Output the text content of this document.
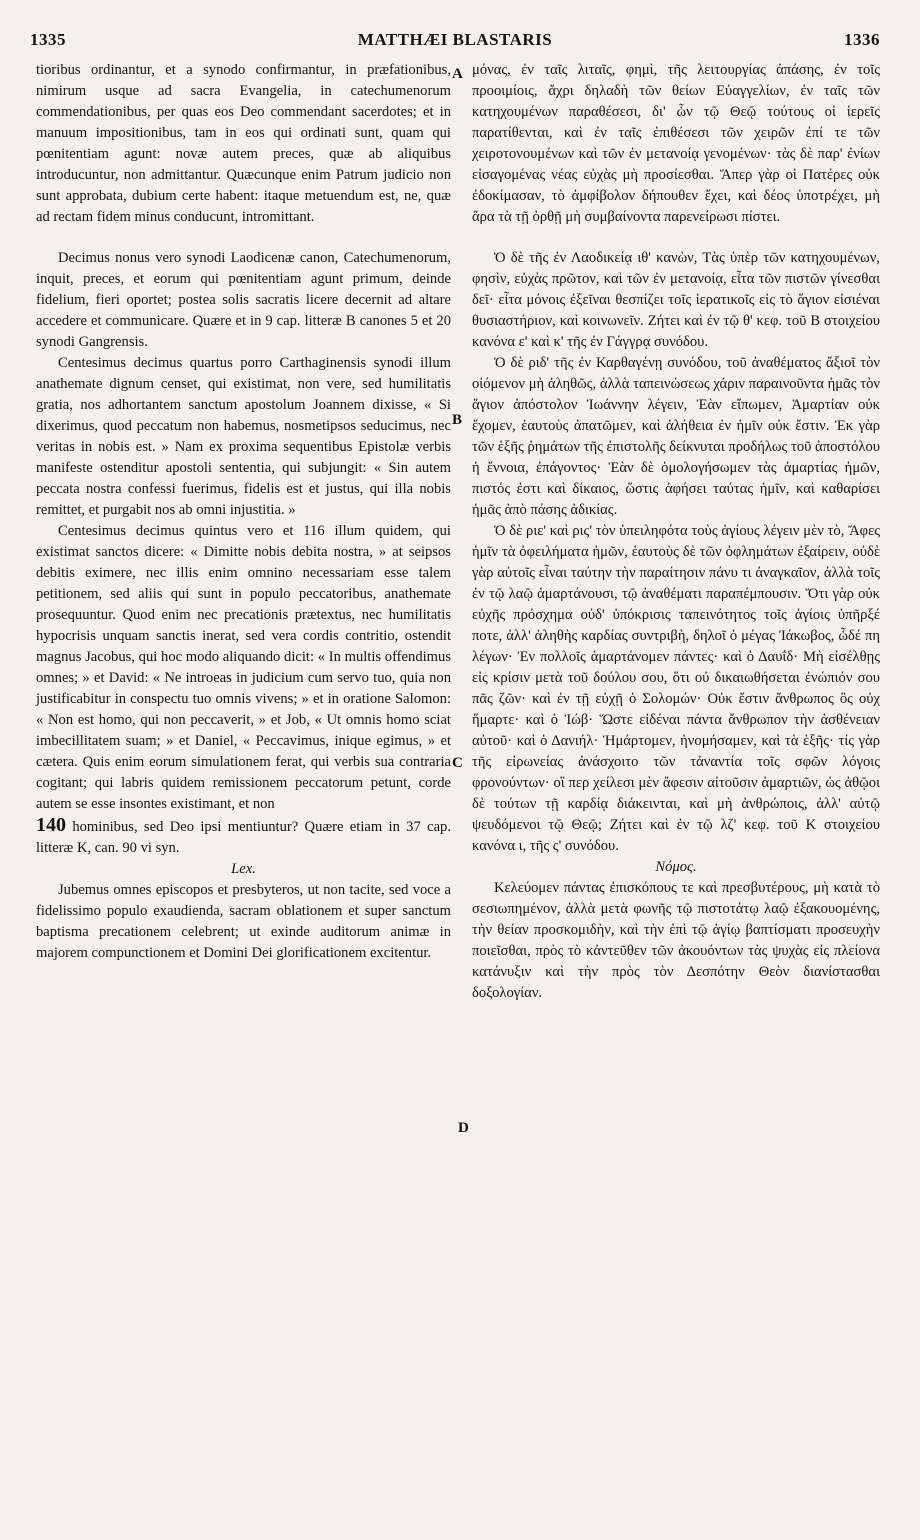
1335	MATTHÆI BLASTARIS	1336
A
B
C
D

tioribus ordinantur, et a synodo confirmantur, in præfationibus, nimirum usque ad sacra Evangelia, in catechumenorum commendationibus, per quas eos Deo commendant sacerdotes; et in manuum impositionibus, tam in eos qui ordinati sunt, quam qui pœnitentiam agunt: novæ autem preces, quæ ab aliquibus introducuntur, non admittantur. Quæcunque enim Patrum judicio non sunt approbata, dubium certe habent: itaque metuendum est, ne, quæ ad rectam fidem minus conducunt, intromittant.

Decimus nonus vero synodi Laodicenæ canon, Catechumenorum, inquit, preces, et eorum qui pœnitentiam agunt primum, deinde fidelium, fieri oportet; postea solis sacratis licere decernit ad altare accedere et communicare. Quære et in 9 cap. litteræ B canones 5 et 20 synodi Gangrensis.

Centesimus decimus quartus porro Carthaginensis synodi illum anathemate dignum censet, qui existimat, non vere, sed humilitatis gratia, nos adhortantem sanctum apostolum Joannem dixisse, « Si dixerimus, quod peccatum non habemus, nosmetipsos seducimus, nec veritas in nobis est. » Nam ex proxima sequentibus Epistolæ verbis manifeste ostenditur apostoli sententia, qui subjungit: « Sin autem peccata nostra confessi fuerimus, fidelis est et justus, qui illa nobis remittet, et purgabit nos ab omni injustitia. »

Centesimus decimus quintus vero et 116 illum quidem, qui existimat sanctos dicere: « Dimitte nobis debita nostra, » at seipsos debitis eximere, nec illis enim omnino necessariam esse talem petitionem, sed aliis qui sunt in populo peccatoribus, anathemate prosequuntur. Quod enim nec precationis prætextus, nec humilitatis hypocrisis unquam sanctis inerat, sed vera cordis contritio, ostendit magnus Jacobus, qui hoc modo aliquando dicit: « In multis offendimus omnes; » et David: « Ne introeas in judicium cum servo tuo, quia non justificabitur in conspectu tuo omnis vivens; » et in oratione Salomon: « Non est homo, qui non peccaverit, » et Job, « Ut omnis homo sciat imbecillitatem suam; » et Daniel, « Peccavimus, inique egimus, » et cætera. Quis enim eorum simulationem ferat, qui verbis sua contraria cogitant; qui labris quidem remissionem peccatorum petunt, corde autem se esse insontes existimant, et non

140 hominibus, sed Deo ipsi mentiuntur? Quære etiam in 37 cap. litteræ K, can. 90 vi syn.

Lex.

Jubemus omnes episcopos et presbyteros, ut non tacite, sed voce a fidelissimo populo exaudienda, sacram oblationem et super sanctum baptisma precationem celebrent; ut exinde auditorum animæ in majorem compunctionem et Domini Dei glorificationem excitentur.

μόνας, ἐν ταῖς λιταῖς, φημὶ, τῆς λειτουργίας ἀπάσης, ἐν τοῖς προοιμίοις, ἄχρι δηλαδὴ τῶν θείων Εὐαγγελίων, ἐν ταῖς τῶν κατηχουμένων παραθέσεσι, δι' ὧν τῷ Θεῷ τούτους οἱ ἱερεῖς παρατίθενται, καὶ ἐν ταῖς ἐπιθέσεσι τῶν χειρῶν ἐπί τε τῶν χειροτονουμένων καὶ τῶν ἐν μετανοίᾳ γενομένων· τὰς δὲ παρ' ἐνίων εἰσαγομένας νέας εὐχὰς μὴ προσίεσθαι. Ἅπερ γὰρ οἱ Πατέρες οὐκ ἐδοκίμασαν, τὸ ἀμφίβολον δήπουθεν ἔχει, καὶ δέος ὑποτρέχει, μὴ ἄρα τὰ τῇ ὀρθῇ μὴ συμβαίνοντα παρενείρωσι πίστει.

Ὁ δὲ τῆς ἐν Λαοδικείᾳ ιθ' κανὼν, Τὰς ὑπὲρ τῶν κατηχουμένων, φησὶν, εὐχὰς πρῶτον, καὶ τῶν ἐν μετανοίᾳ, εἶτα τῶν πιστῶν γίνεσθαι δεῖ· εἶτα μόνοις ἐξεῖναι θεσπίζει τοῖς ἱερατικοῖς εἰς τὸ ἅγιον εἰσιέναι θυσιαστήριον, καὶ κοινωνεῖν. Ζήτει καὶ ἐν τῷ θ' κεφ. τοῦ Β στοιχείου κανόνα ε' καὶ κ' τῆς ἐν Γάγγρᾳ συνόδου.

Ὁ δὲ ριδ' τῆς ἐν Καρθαγένῃ συνόδου, τοῦ ἀναθέματος ἄξιοῖ τὸν οἰόμενον μὴ ἀληθῶς, ἀλλὰ ταπεινώσεως χάριν παραινοῦντα ἡμᾶς τὸν ἅγιον ἀπόστολον Ἰωάννην λέγειν, Ἐὰν εἴπωμεν, Ἁμαρτίαν οὐκ ἔχομεν, ἑαυτοὺς ἀπατῶμεν, καὶ ἀλήθεια ἐν ἡμῖν οὐκ ἔστιν. Ἐκ γὰρ τῶν ἑξῆς ῥημάτων τῆς ἐπιστολῆς δείκνυται προδήλως τοῦ ἀποστόλου ἡ ἔννοια, ἐπάγοντος· Ἐὰν δὲ ὁμολογήσωμεν τὰς ἁμαρτίας ἡμῶν, πιστός ἐστι καὶ δίκαιος, ὥστις ἀφήσει ταύτας ἡμῖν, καὶ καθαρίσει ἡμᾶς ἀπὸ πάσης ἀδικίας.

Ὁ δὲ ριε' καὶ ρις' τὸν ὑπειληφότα τοὺς ἁγίους λέγειν μὲν τὸ, Ἄφες ἡμῖν τὰ ὀφειλήματα ἡμῶν, ἑαυτοὺς δὲ τῶν ὀφλημάτων ἐξαίρειν, οὐδὲ γὰρ αὐτοῖς εἶναι ταύτην τὴν παραίτησιν πάνυ τι ἀναγκαῖον, ἀλλὰ τοῖς ἐν τῷ λαῷ ἁμαρτάνουσι, τῷ ἀναθέματι παραπέμπουσιν. Ὅτι γὰρ οὐκ εὐχῆς πρόσχημα οὐδ' ὑπόκρισις ταπεινότητος τοῖς ἁγίοις ὑπῆρξέ ποτε, ἀλλ' ἀληθὴς καρδίας συντριβὴ, δηλοῖ ὁ μέγας Ἰάκωβος, ὧδέ πη λέγων· Ἐν πολλοῖς ἁμαρτάνομεν πάντες· καὶ ὁ Δαυΐδ· Μὴ εἰσέλθῃς εἰς κρίσιν μετὰ τοῦ δούλου σου, ὅτι οὐ δικαιωθήσεται ἐνώπιόν σου πᾶς ζῶν· καὶ ἐν τῇ εὐχῇ ὁ Σολομών· Οὐκ ἔστιν ἄνθρωπος ὃς οὐχ ἥμαρτε· καὶ ὁ Ἰώβ· Ὥστε εἰδέναι πάντα ἄνθρωπον τὴν ἀσθένειαν αὐτοῦ· καὶ ὁ Δανιήλ· Ἡμάρτομεν, ἠνομήσαμεν, καὶ τὰ ἑξῆς· τίς γὰρ τῆς εἰρωνείας ἀνάσχοιτο τῶν τἀναντία τοῖς σφῶν λόγοις φρονούντων· οἳ περ χείλεσι μὲν ἄφεσιν αἰτοῦσιν ἁμαρτιῶν, ὡς ἀθῷοι δὲ τούτων τῇ καρδίᾳ διάκεινται, καὶ μὴ ἀνθρώποις, ἀλλ' αὐτῷ ψευδόμενοι τῷ Θεῷ; Ζήτει καὶ ἐν τῷ λζ' κεφ. τοῦ Κ στοιχείου κανόνα ι, τῆς ς' συνόδου.

Νόμος.

Κελεύομεν πάντας ἐπισκόπους τε καὶ πρεσβυτέρους, μὴ κατὰ τὸ σεσιωπημένον, ἀλλὰ μετὰ φωνῆς τῷ πιστοτάτῳ λαῷ ἐξακουομένης, τὴν θείαν προσκομιδὴν, καὶ τὴν ἐπὶ τῷ ἁγίῳ βαπτίσματι προσευχὴν ποιεῖσθαι, πρὸς τὸ κἀντεῦθεν τῶν ἀκουόντων τὰς ψυχὰς εἰς πλείονα κατάνυξιν καὶ τὴν πρὸς τὸν Δεσπότην Θεὸν διανίστασθαι δοξολογίαν.
